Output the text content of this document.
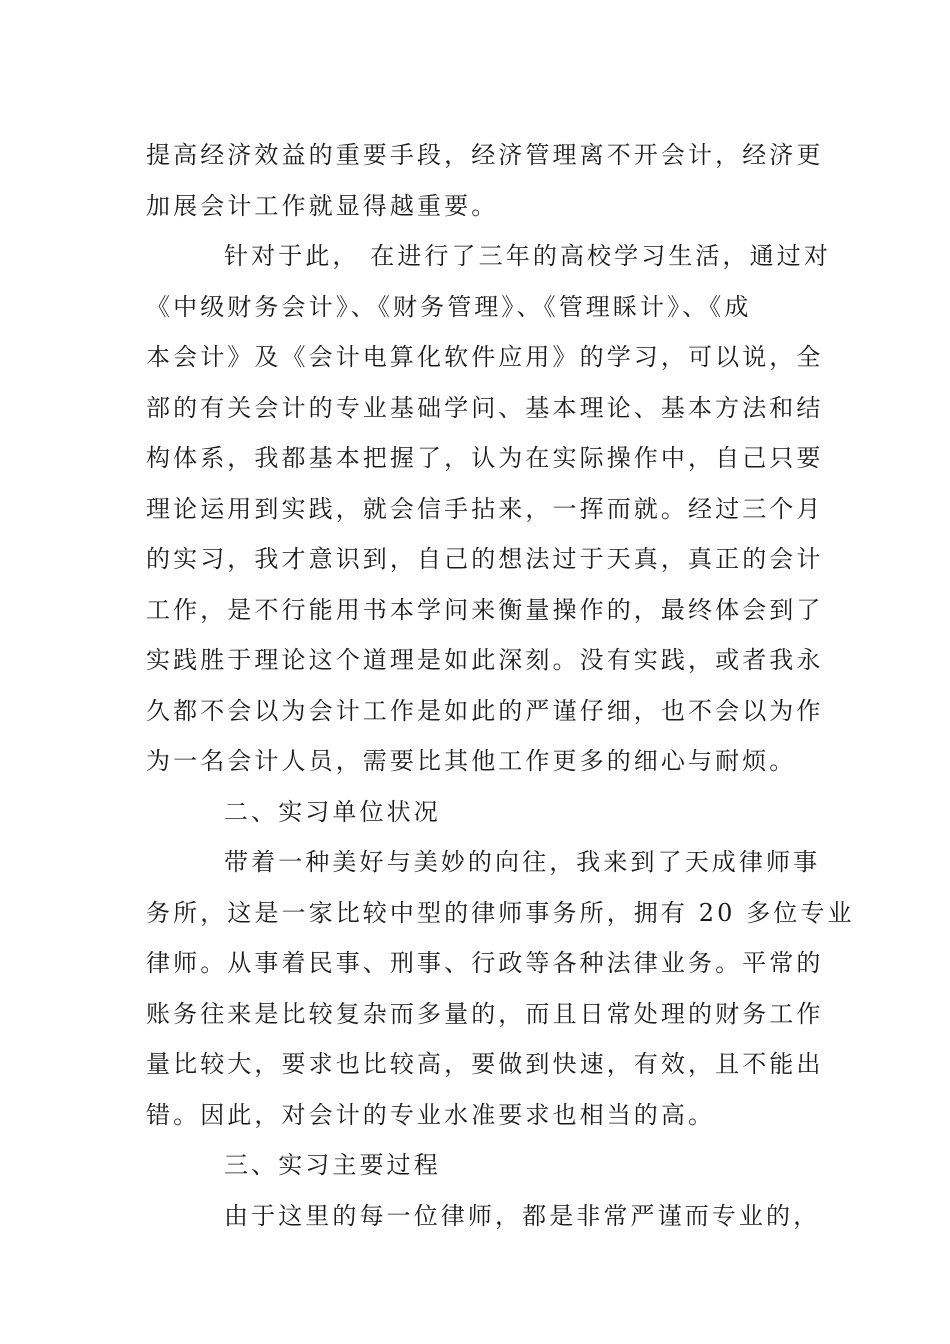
提高经济效益的重要手段，经济管理离不开会计，经济更
加展会计工作就显得越重要。
针对于此， 在进行了三年的高校学习生活，通过对
《中级财务会计》、《财务管理》、《管理睬计》、《成
本会计》及《会计电算化软件应用》的学习，可以说，全
部的有关会计的专业基础学问、基本理论、基本方法和结
构体系，我都基本把握了，认为在实际操作中，自己只要
理论运用到实践，就会信手拈来，一挥而就。经过三个月
的实习，我才意识到，自己的想法过于天真，真正的会计
工作，是不行能用书本学问来衡量操作的，最终体会到了
实践胜于理论这个道理是如此深刻。没有实践，或者我永
久都不会以为会计工作是如此的严谨仔细，也不会以为作
为一名会计人员，需要比其他工作更多的细心与耐烦。
二、实习单位状况
带着一种美好与美妙的向往，我来到了天成律师事
务所，这是一家比较中型的律师事务所，拥有 20 多位专业
律师。从事着民事、刑事、行政等各种法律业务。平常的
账务往来是比较复杂而多量的，而且日常处理的财务工作
量比较大，要求也比较高，要做到快速，有效，且不能出
错。因此，对会计的专业水准要求也相当的高。
三、实习主要过程
由于这里的每一位律师，都是非常严谨而专业的，
